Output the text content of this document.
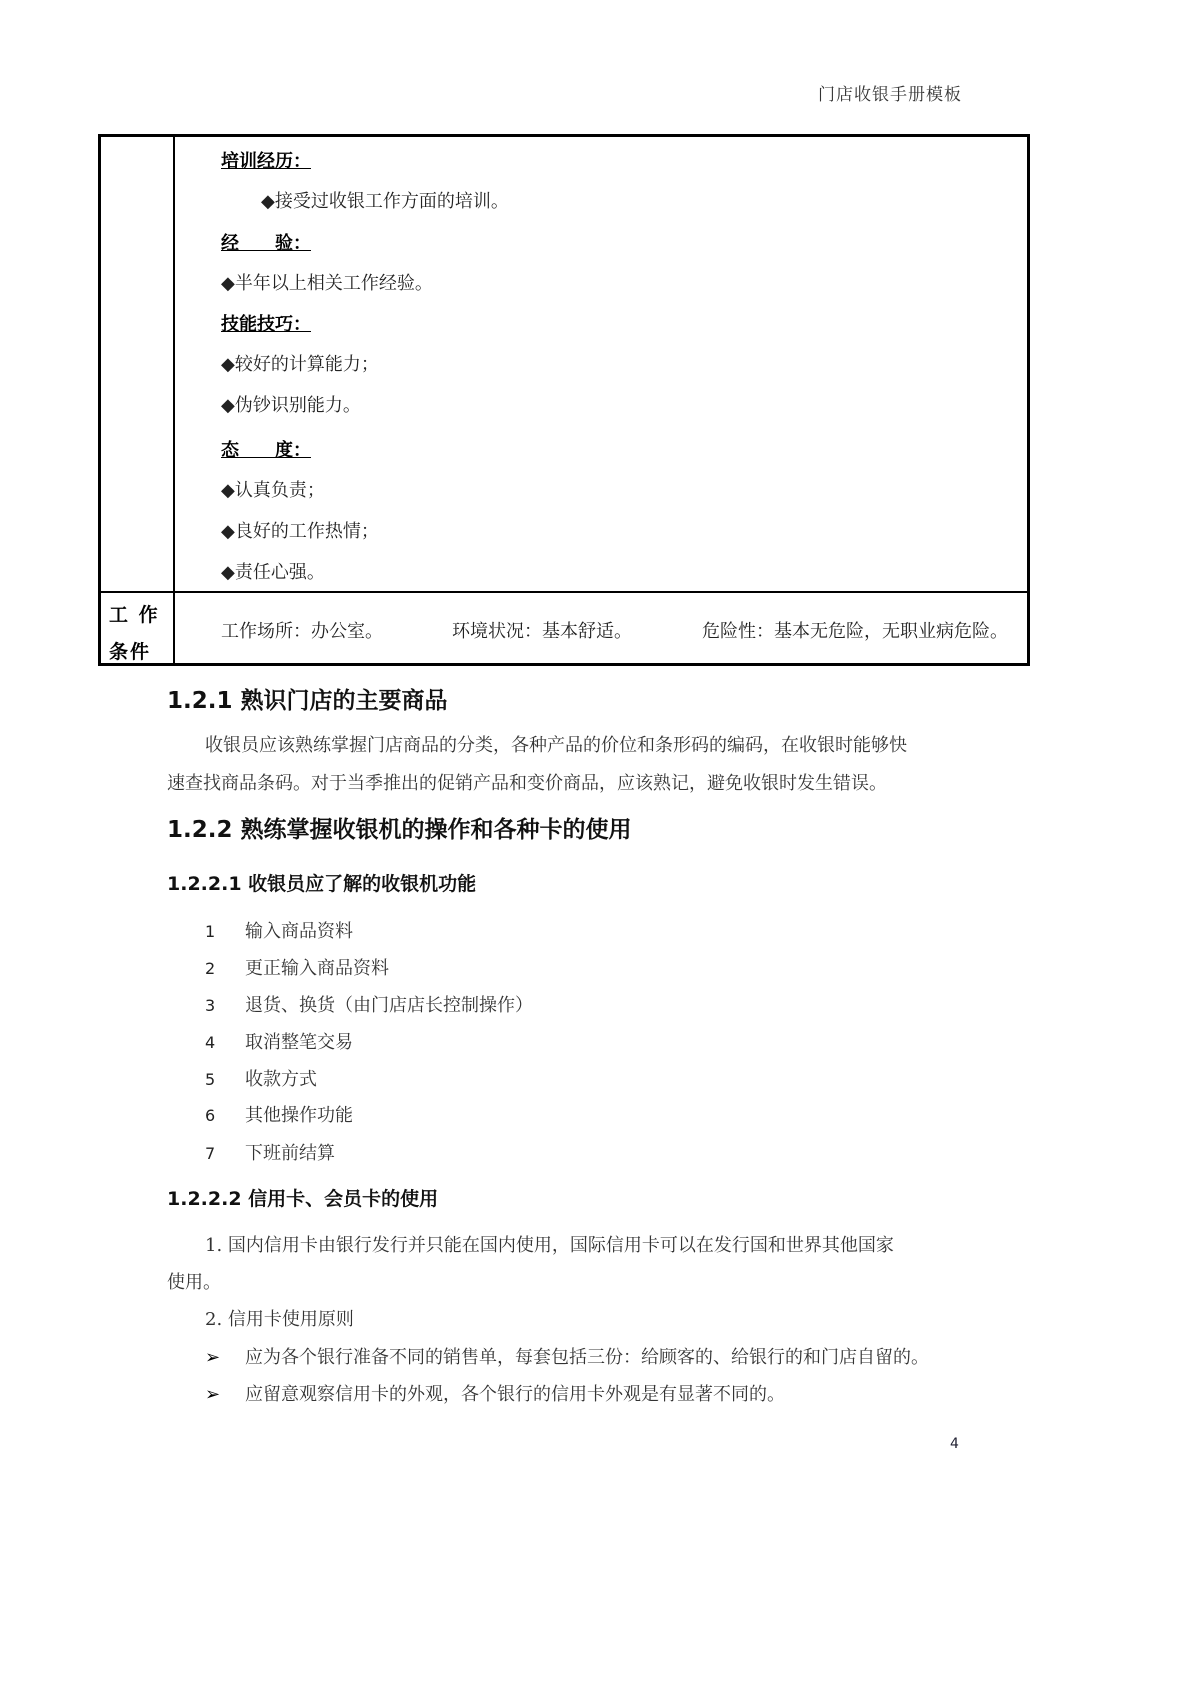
门店收银手册模板
培训经历：
◆接受过收银工作方面的培训。
经　　验：
◆半年以上相关工作经验。
技能技巧：
◆较好的计算能力；
◆伪钞识别能力。
态　　度：
◆认真负责；
◆良好的工作热情；
◆责任心强。
工 作
条件
工作场所：办公室。	环境状况：基本舒适。	危险性：基本无危险，无职业病危险。
1.2.1 熟识门店的主要商品
收银员应该熟练掌握门店商品的分类，各种产品的价位和条形码的编码，在收银时能够快
速查找商品条码。对于当季推出的促销产品和变价商品，应该熟记，避免收银时发生错误。
1.2.2 熟练掌握收银机的操作和各种卡的使用
1.2.2.1 收银员应了解的收银机功能
1 输入商品资料
2 更正输入商品资料
3 退货、换货（由门店店长控制操作）
4 取消整笔交易
5 收款方式
6 其他操作功能
7 下班前结算
1.2.2.2 信用卡、会员卡的使用
1. 国内信用卡由银行发行并只能在国内使用，国际信用卡可以在发行国和世界其他国家
使用。
2. 信用卡使用原则
➢ 应为各个银行准备不同的销售单，每套包括三份：给顾客的、给银行的和门店自留的。
➢ 应留意观察信用卡的外观，各个银行的信用卡外观是有显著不同的。
4
